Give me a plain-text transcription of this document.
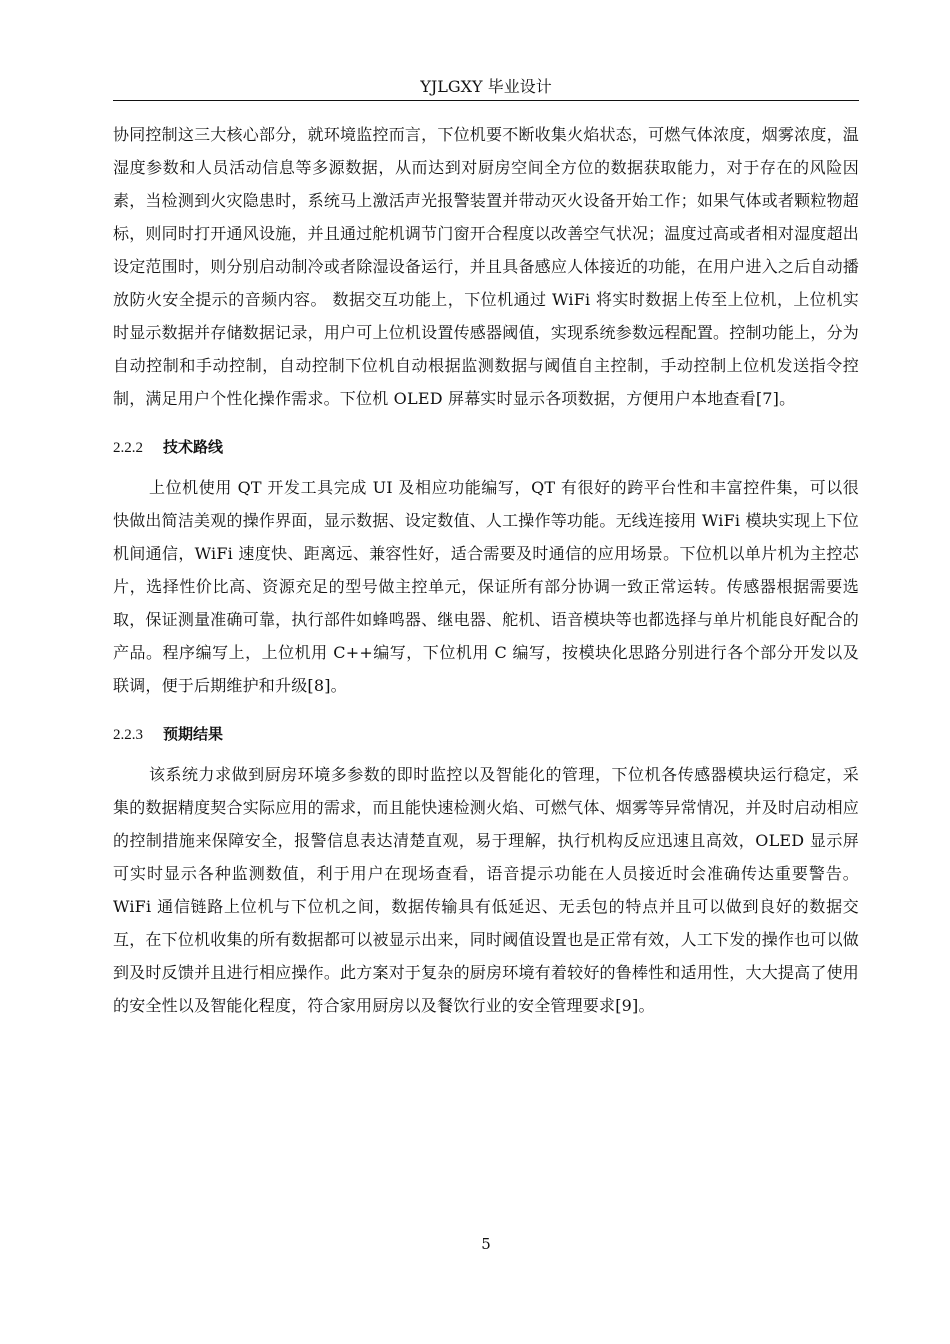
YJLGXY 毕业设计

协同控制这三大核心部分，就环境监控而言，下位机要不断收集火焰状态，可燃气体浓度，烟雾浓度，温湿度参数和人员活动信息等多源数据，从而达到对厨房空间全方位的数据获取能力，对于存在的风险因素，当检测到火灾隐患时，系统马上激活声光报警装置并带动灭火设备开始工作；如果气体或者颗粒物超标，则同时打开通风设施，并且通过舵机调节门窗开合程度以改善空气状况；温度过高或者相对湿度超出设定范围时，则分别启动制冷或者除湿设备运行，并且具备感应人体接近的功能，在用户进入之后自动播放防火安全提示的音频内容。 数据交互功能上，下位机通过 WiFi 将实时数据上传至上位机，上位机实时显示数据并存储数据记录，用户可上位机设置传感器阈值，实现系统参数远程配置。控制功能上，分为自动控制和手动控制，自动控制下位机自动根据监测数据与阈值自主控制，手动控制上位机发送指令控制，满足用户个性化操作需求。下位机 OLED 屏幕实时显示各项数据，方便用户本地查看[7]。

2.2.2 技术路线

上位机使用 QT 开发工具完成 UI 及相应功能编写，QT 有很好的跨平台性和丰富控件集，可以很快做出简洁美观的操作界面，显示数据、设定数值、人工操作等功能。无线连接用 WiFi 模块实现上下位机间通信，WiFi 速度快、距离远、兼容性好，适合需要及时通信的应用场景。下位机以单片机为主控芯片，选择性价比高、资源充足的型号做主控单元，保证所有部分协调一致正常运转。传感器根据需要选取，保证测量准确可靠，执行部件如蜂鸣器、继电器、舵机、语音模块等也都选择与单片机能良好配合的产品。程序编写上，上位机用 C++编写，下位机用 C 编写，按模块化思路分别进行各个部分开发以及联调，便于后期维护和升级[8]。

2.2.3 预期结果

该系统力求做到厨房环境多参数的即时监控以及智能化的管理，下位机各传感器模块运行稳定，采集的数据精度契合实际应用的需求，而且能快速检测火焰、可燃气体、烟雾等异常情况，并及时启动相应的控制措施来保障安全，报警信息表达清楚直观，易于理解，执行机构反应迅速且高效，OLED 显示屏可实时显示各种监测数值，利于用户在现场查看，语音提示功能在人员接近时会准确传达重要警告。WiFi 通信链路上位机与下位机之间，数据传输具有低延迟、无丢包的特点并且可以做到良好的数据交互，在下位机收集的所有数据都可以被显示出来，同时阈值设置也是正常有效，人工下发的操作也可以做到及时反馈并且进行相应操作。此方案对于复杂的厨房环境有着较好的鲁棒性和适用性，大大提高了使用的安全性以及智能化程度，符合家用厨房以及餐饮行业的安全管理要求[9]。

5
